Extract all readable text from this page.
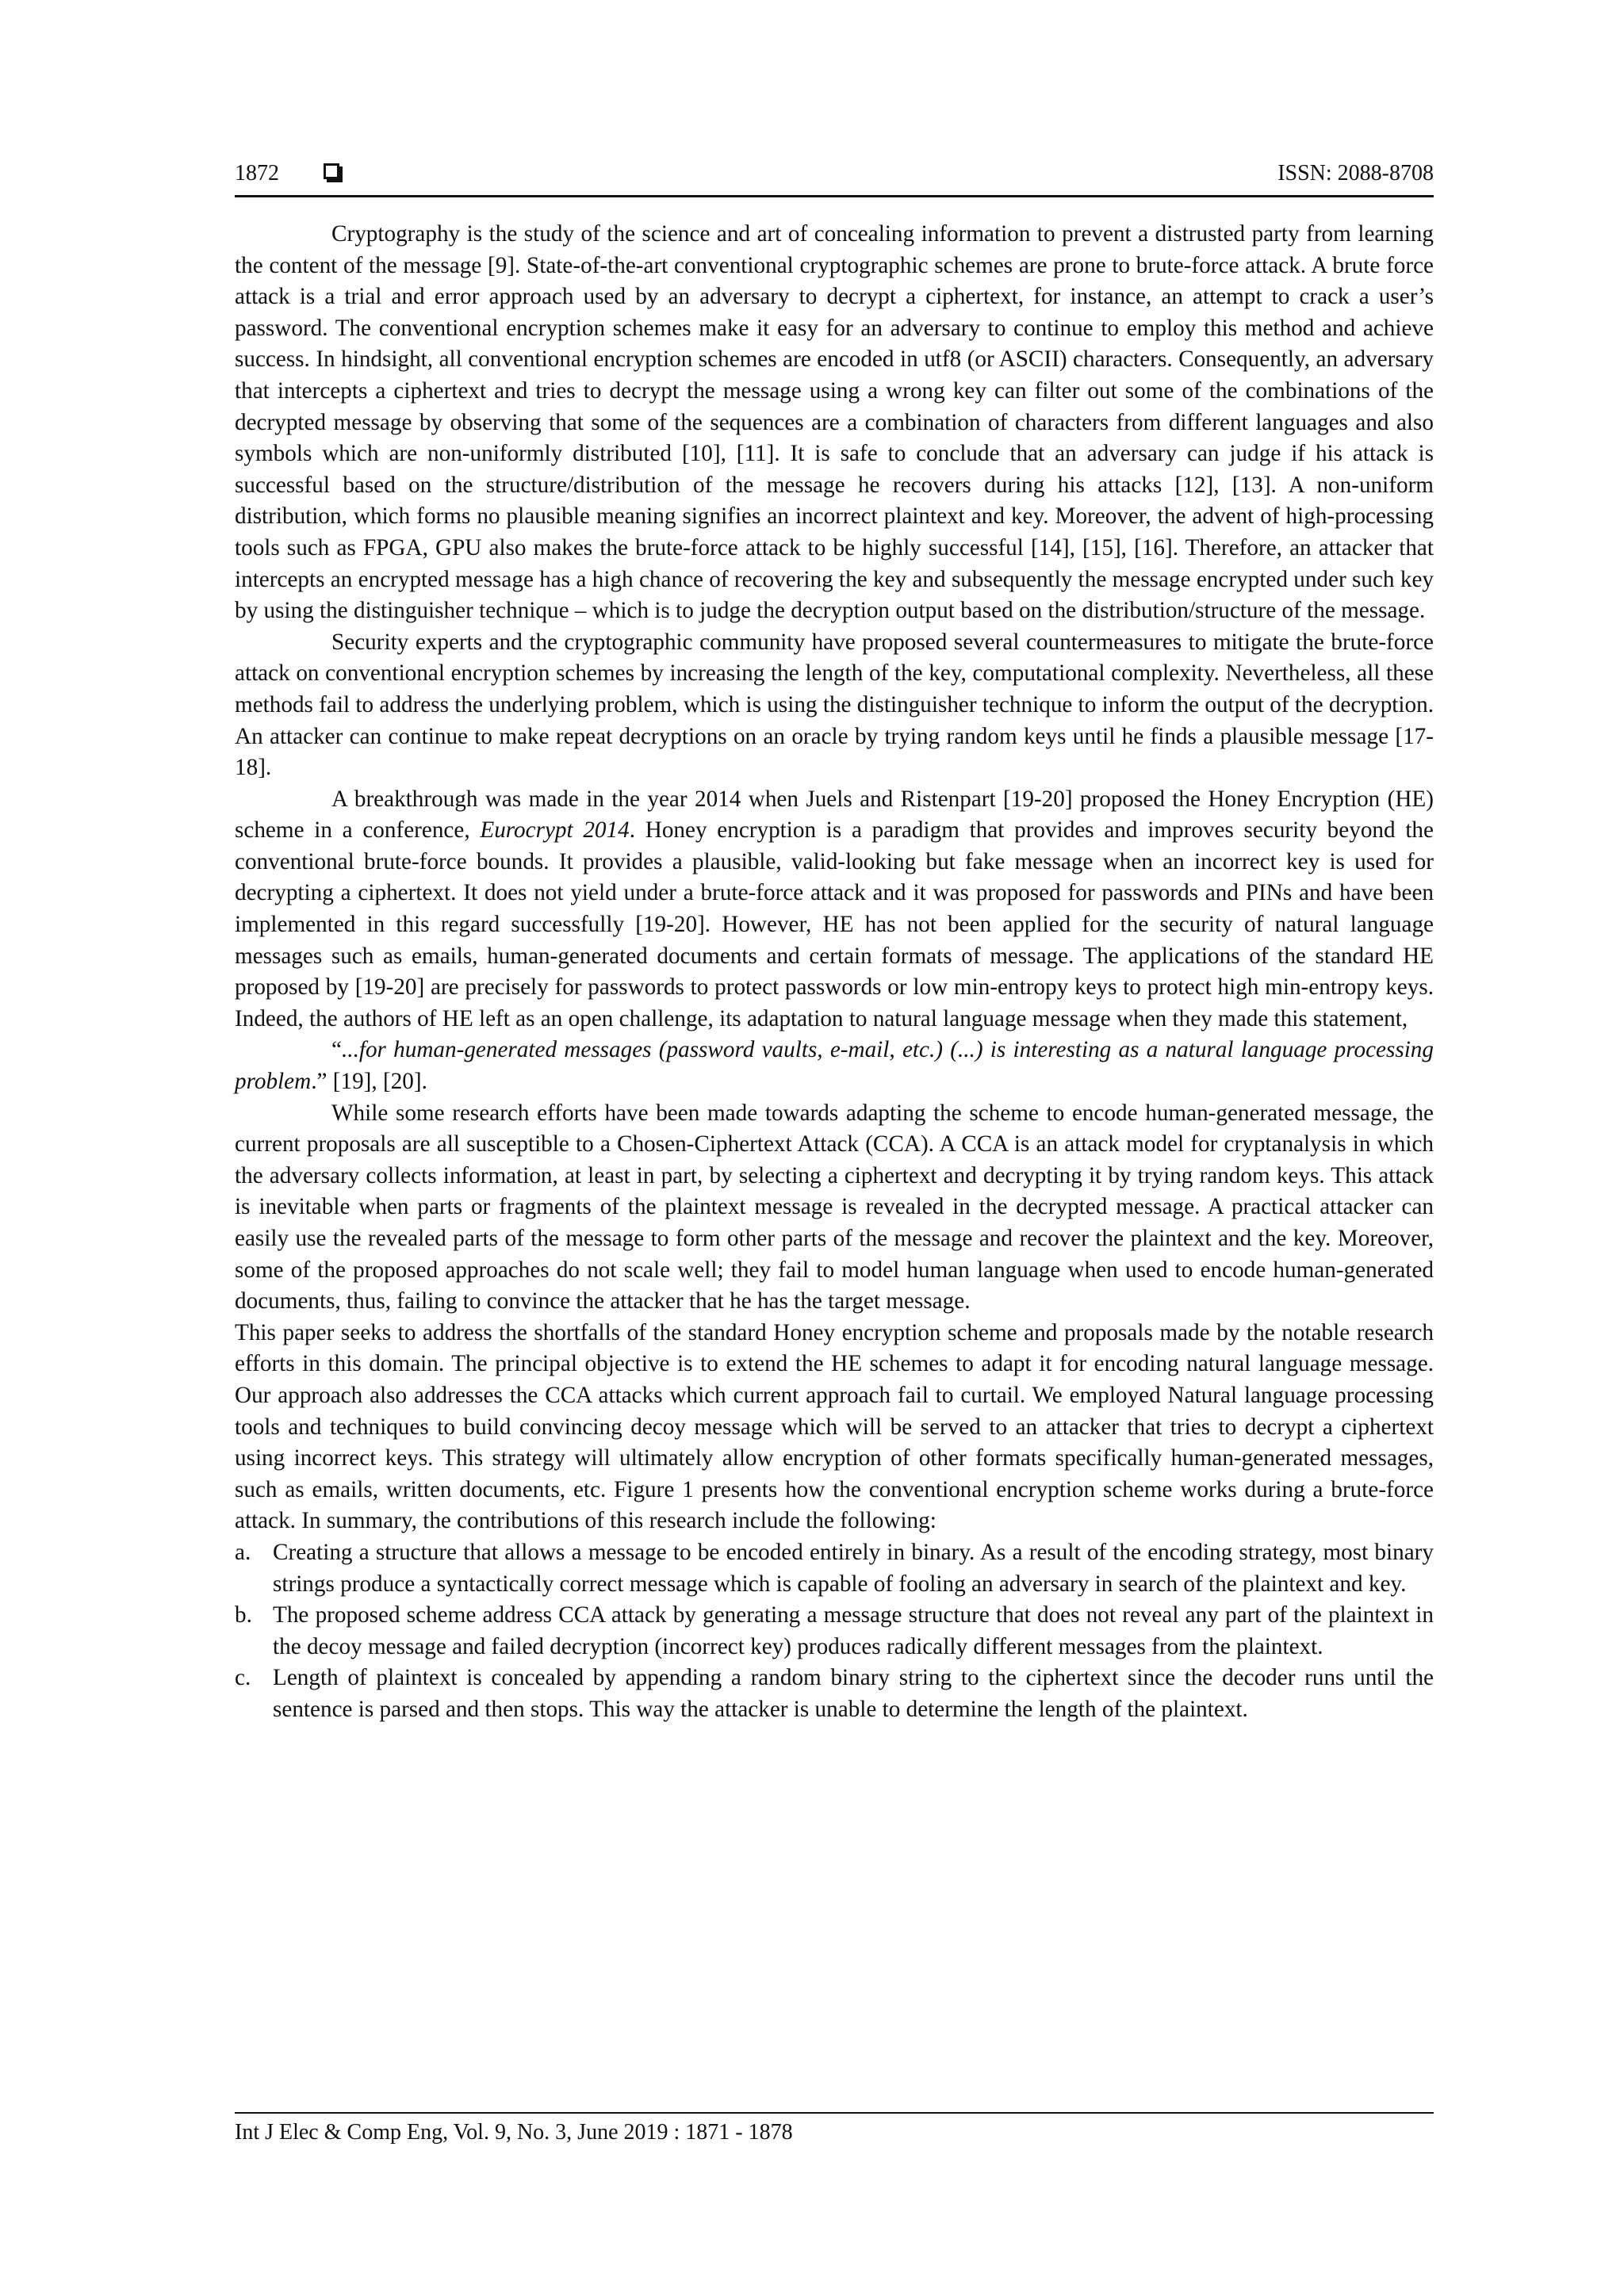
1872	ISSN: 2088-8708

Cryptography is the study of the science and art of concealing information to prevent a distrusted party from learning the content of the message [9]. State-of-the-art conventional cryptographic schemes are prone to brute-force attack. A brute force attack is a trial and error approach used by an adversary to decrypt a ciphertext, for instance, an attempt to crack a user’s password. The conventional encryption schemes make it easy for an adversary to continue to employ this method and achieve success. In hindsight, all conventional encryption schemes are encoded in utf8 (or ASCII) characters. Consequently, an adversary that intercepts a ciphertext and tries to decrypt the message using a wrong key can filter out some of the combinations of the decrypted message by observing that some of the sequences are a combination of characters from different languages and also symbols which are non-uniformly distributed [10], [11]. It is safe to conclude that an adversary can judge if his attack is successful based on the structure/distribution of the message he recovers during his attacks [12], [13]. A non-uniform distribution, which forms no plausible meaning signifies an incorrect plaintext and key. Moreover, the advent of high-processing tools such as FPGA, GPU also makes the brute-force attack to be highly successful [14], [15], [16]. Therefore, an attacker that intercepts an encrypted message has a high chance of recovering the key and subsequently the message encrypted under such key by using the distinguisher technique – which is to judge the decryption output based on the distribution/structure of the message.

Security experts and the cryptographic community have proposed several countermeasures to mitigate the brute-force attack on conventional encryption schemes by increasing the length of the key, computational complexity. Nevertheless, all these methods fail to address the underlying problem, which is using the distinguisher technique to inform the output of the decryption. An attacker can continue to make repeat decryptions on an oracle by trying random keys until he finds a plausible message [17-18].

A breakthrough was made in the year 2014 when Juels and Ristenpart [19-20] proposed the Honey Encryption (HE) scheme in a conference, Eurocrypt 2014. Honey encryption is a paradigm that provides and improves security beyond the conventional brute-force bounds. It provides a plausible, valid-looking but fake message when an incorrect key is used for decrypting a ciphertext. It does not yield under a brute-force attack and it was proposed for passwords and PINs and have been implemented in this regard successfully [19-20]. However, HE has not been applied for the security of natural language messages such as emails, human-generated documents and certain formats of message. The applications of the standard HE proposed by [19-20] are precisely for passwords to protect passwords or low min-entropy keys to protect high min-entropy keys. Indeed, the authors of HE left as an open challenge, its adaptation to natural language message when they made this statement,

“...for human-generated messages (password vaults, e-mail, etc.) (...) is interesting as a natural language processing problem.” [19], [20].

While some research efforts have been made towards adapting the scheme to encode human-generated message, the current proposals are all susceptible to a Chosen-Ciphertext Attack (CCA). A CCA is an attack model for cryptanalysis in which the adversary collects information, at least in part, by selecting a ciphertext and decrypting it by trying random keys. This attack is inevitable when parts or fragments of the plaintext message is revealed in the decrypted message. A practical attacker can easily use the revealed parts of the message to form other parts of the message and recover the plaintext and the key. Moreover, some of the proposed approaches do not scale well; they fail to model human language when used to encode human-generated documents, thus, failing to convince the attacker that he has the target message.

This paper seeks to address the shortfalls of the standard Honey encryption scheme and proposals made by the notable research efforts in this domain. The principal objective is to extend the HE schemes to adapt it for encoding natural language message. Our approach also addresses the CCA attacks which current approach fail to curtail. We employed Natural language processing tools and techniques to build convincing decoy message which will be served to an attacker that tries to decrypt a ciphertext using incorrect keys. This strategy will ultimately allow encryption of other formats specifically human-generated messages, such as emails, written documents, etc. Figure 1 presents how the conventional encryption scheme works during a brute-force attack. In summary, the contributions of this research include the following:

a. Creating a structure that allows a message to be encoded entirely in binary. As a result of the encoding strategy, most binary strings produce a syntactically correct message which is capable of fooling an adversary in search of the plaintext and key.
b. The proposed scheme address CCA attack by generating a message structure that does not reveal any part of the plaintext in the decoy message and failed decryption (incorrect key) produces radically different messages from the plaintext.
c. Length of plaintext is concealed by appending a random binary string to the ciphertext since the decoder runs until the sentence is parsed and then stops. This way the attacker is unable to determine the length of the plaintext.
Int J Elec & Comp Eng, Vol. 9, No. 3, June 2019 : 1871 - 1878
